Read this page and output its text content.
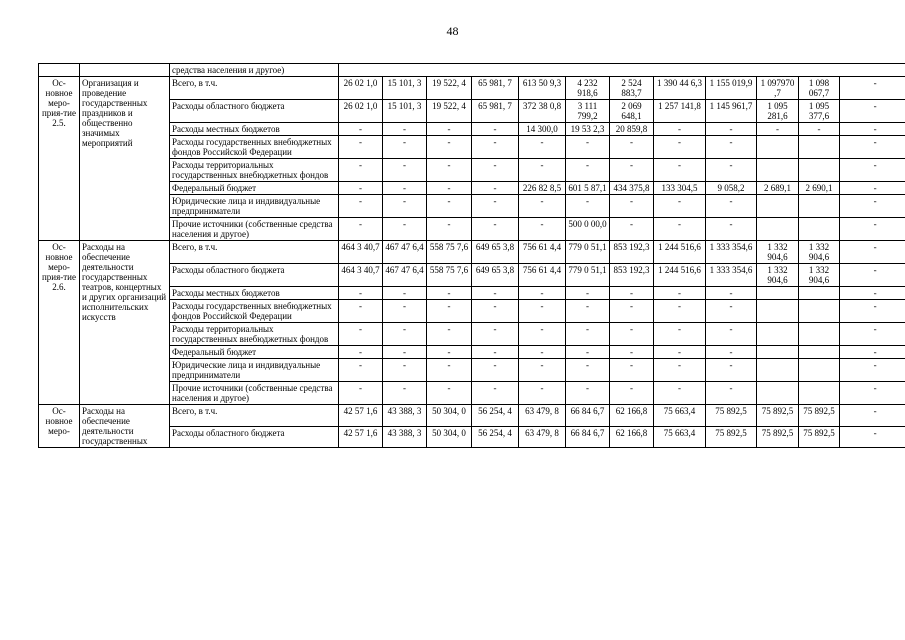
48
		средства населения и другое)												
Ос-новное меро-прия-тие 2.5.	Организация и проведение государственных праздников и общественно значимых мероприятий	Всего, в т.ч.	26 02 1,0	15 101, 3	19 522, 4	65 981, 7	613 50 9,3	4 232 918,6	2 524 883,7	1 390 44 6,3	1 155 019,9	1 097970 ,7	1 098 067,7	-
		Расходы областного бюджета	26 02 1,0	15 101, 3	19 522, 4	65 981, 7	372 38 0,8	3 111 799,2	2 069 648,1	1 257 141,8	1 145 961,7	1 095 281,6	1 095 377,6	-
		Расходы местных бюджетов	-	-	-	-	14 300,0	19 53 2,3	20 859,8	-	-	-	-	-
		Расходы государственных внебюджетных фондов Российской Федерации	-	-	-	-	-	-	-	-	-			-
		Расходы территориальных государственных внебюджетных фондов	-	-	-	-	-	-	-	-	-			-
		Федеральный бюджет	-	-	-	-	226 82 8,5	601 5 87,1	434 375,8	133 304,5	9 058,2	2 689,1	2 690,1	-
		Юридические лица и индивидуальные предприниматели	-	-	-	-	-	-	-	-	-			-
		Прочие источники (собственные средства населения и другое)	-	-	-	-	-	500 0 00,0	-	-	-			-
Ос-новное меро-прия-тие 2.6.	Расходы на обеспечение деятельности государственных театров, концертных и других организаций исполнительских искусств	Всего, в т.ч.	464 3 40,7	467 47 6,4	558 75 7,6	649 65 3,8	756 61 4,4	779 0 51,1	853 192,3	1 244 516,6	1 333 354,6	1 332 904,6	1 332 904,6	-
		Расходы областного бюджета	464 3 40,7	467 47 6,4	558 75 7,6	649 65 3,8	756 61 4,4	779 0 51,1	853 192,3	1 244 516,6	1 333 354,6	1 332 904,6	1 332 904,6	-
		Расходы местных бюджетов	-	-	-	-	-	-	-	-	-			-
		Расходы государственных внебюджетных фондов Российской Федерации	-	-	-	-	-	-	-	-	-			-
		Расходы территориальных государственных внебюджетных фондов	-	-	-	-	-	-	-	-	-			-
		Федеральный бюджет	-	-	-	-	-	-	-	-	-			-
		Юридические лица и индивидуальные предприниматели	-	-	-	-	-	-	-	-	-			-
		Прочие источники (собственные средства населения и другое)	-	-	-	-	-	-	-	-	-			-
Ос-новное меро-	Расходы на обеспечение деятельности государственных	Всего, в т.ч.	42 57 1,6	43 388, 3	50 304, 0	56 254, 4	63 479, 8	66 84 6,7	62 166,8	75 663,4	75 892,5	75 892,5	75 892,5	-
		Расходы областного бюджета	42 57 1,6	43 388, 3	50 304, 0	56 254, 4	63 479, 8	66 84 6,7	62 166,8	75 663,4	75 892,5	75 892,5	75 892,5	-
